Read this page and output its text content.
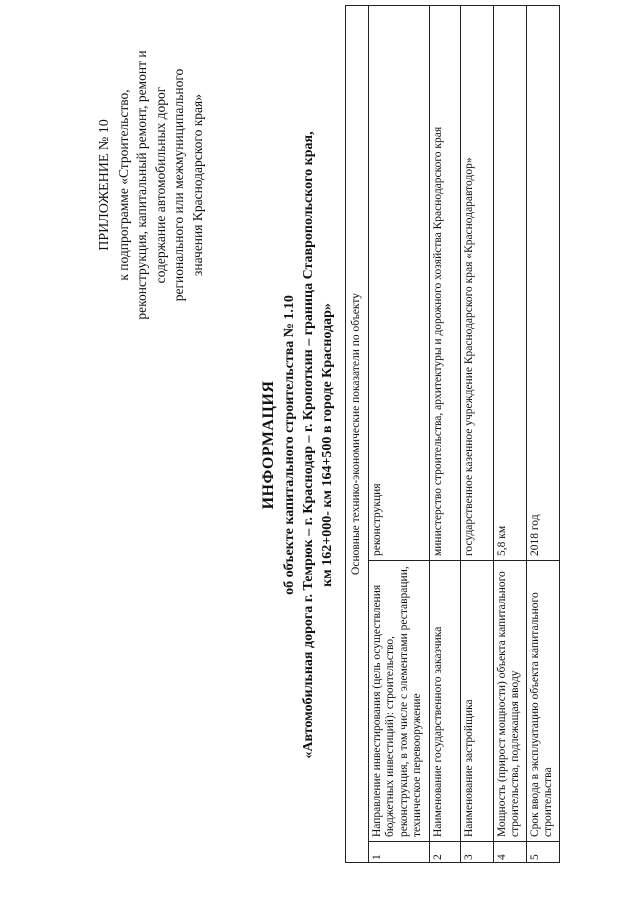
ПРИЛОЖЕНИЕ № 10 к подпрограмме «Строительство, реконструкция, капитальный ремонт, ремонт и содержание автомобильных дорог регионального или межмуниципального значения Краснодарского края»
ИНФОРМАЦИЯ об объекте капитального строительства № 1.10 «Автомобильная дорога г. Темрюк – г. Краснодар – г. Кропоткин – граница Ставропольского края, км 162+000- км 164+500 в городе Краснодар» Основные технико-экономические показатели по объекту		
1	Направление инвестирования (цель осуществления бюджетных инвестиций): строительство, реконструкция, в том числе с элементами реставрации, техническое перевооружение	реконструкция
2	Наименование государственного заказчика	министерство строительства, архитектуры и дорожного хозяйства Краснодарского края
3	Наименование застройщика	государственное казенное учреждение Краснодарского края «Краснодаравтодор»
4	Мощность (прирост мощности) объекта капитального строительства, подлежащая вводу	5,8 км
5	Срок ввода в эксплуатацию объекта капитального строительства	2018 год
